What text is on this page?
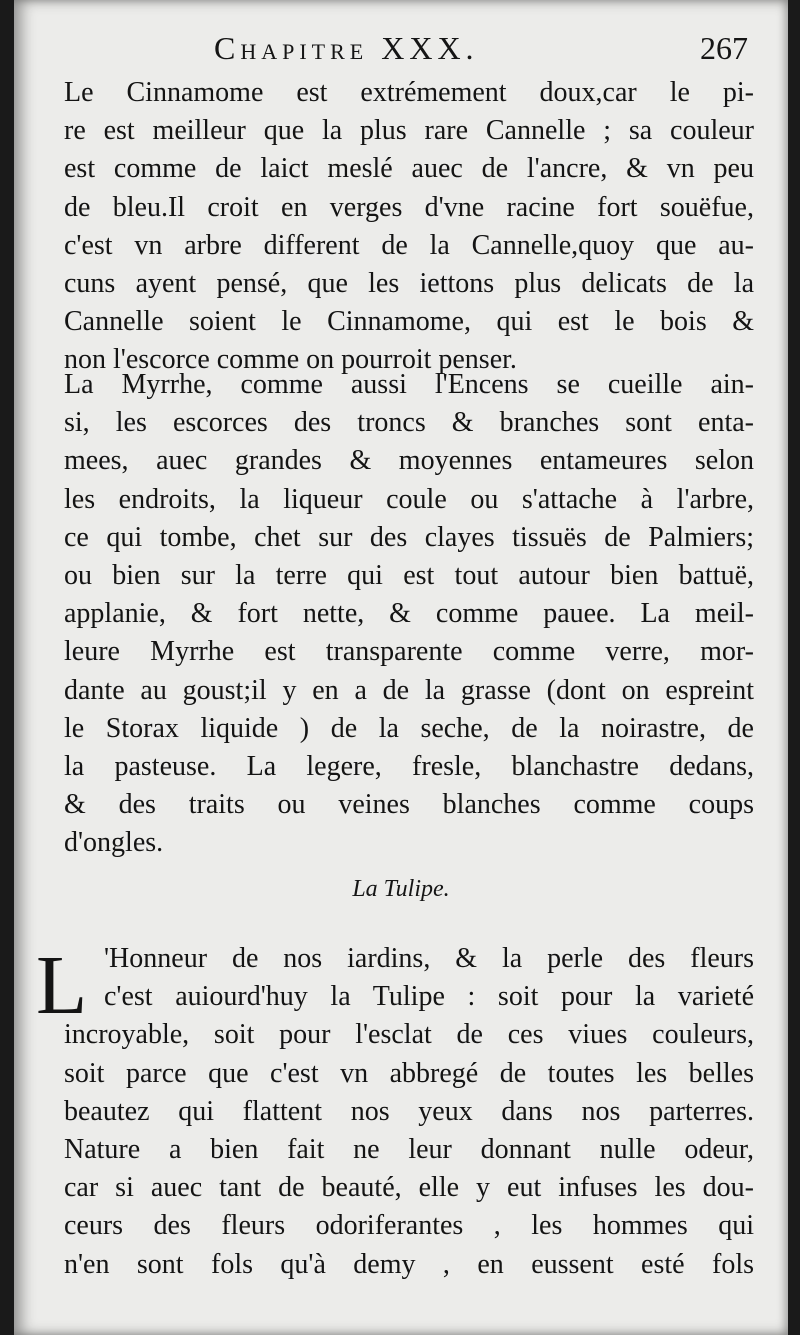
Chapitre XXX.	267
Le Cinnamome est extrémement doux,car le pi-
re est meilleur que la plus rare Cannelle ; sa couleur
est comme de laict meslé auec de l'ancre, & vn peu
de bleu.Il croit en verges d'vne racine fort souëfue,
c'est vn arbre different de la Cannelle,quoy que au-
cuns ayent pensé, que les iettons plus delicats de la
Cannelle soient le Cinnamome, qui est le bois &
non l'escorce comme on pourroit penser.
La Myrrhe, comme aussi l'Encens se cueille ain-
si, les escorces des troncs & branches sont enta-
mees, auec grandes & moyennes entameures selon
les endroits, la liqueur coule ou s'attache à l'arbre,
ce qui tombe, chet sur des clayes tissuës de Palmiers;
ou bien sur la terre qui est tout autour bien battuë,
applanie, & fort nette, & comme pauee. La meil-
leure Myrrhe est transparente comme verre, mor-
dante au goust;il y en a de la grasse (dont on espreint
le Storax liquide ) de la seche, de la noirastre, de
la pasteuse. La legere, fresle, blanchastre dedans,
& des traits ou veines blanches comme coups
d'ongles.
La Tulipe.
L 'Honneur de nos iardins, & la perle des fleurs
c'est auiourd'huy la Tulipe : soit pour la varieté
incroyable, soit pour l'esclat de ces viues couleurs,
soit parce que c'est vn abbregé de toutes les belles
beautez qui flattent nos yeux dans nos parterres.
Nature a bien fait ne leur donnant nulle odeur,
car si auec tant de beauté, elle y eut infuses les dou-
ceurs des fleurs odoriferantes , les hommes qui
n'en sont fols qu'à demy , en eussent esté fols
